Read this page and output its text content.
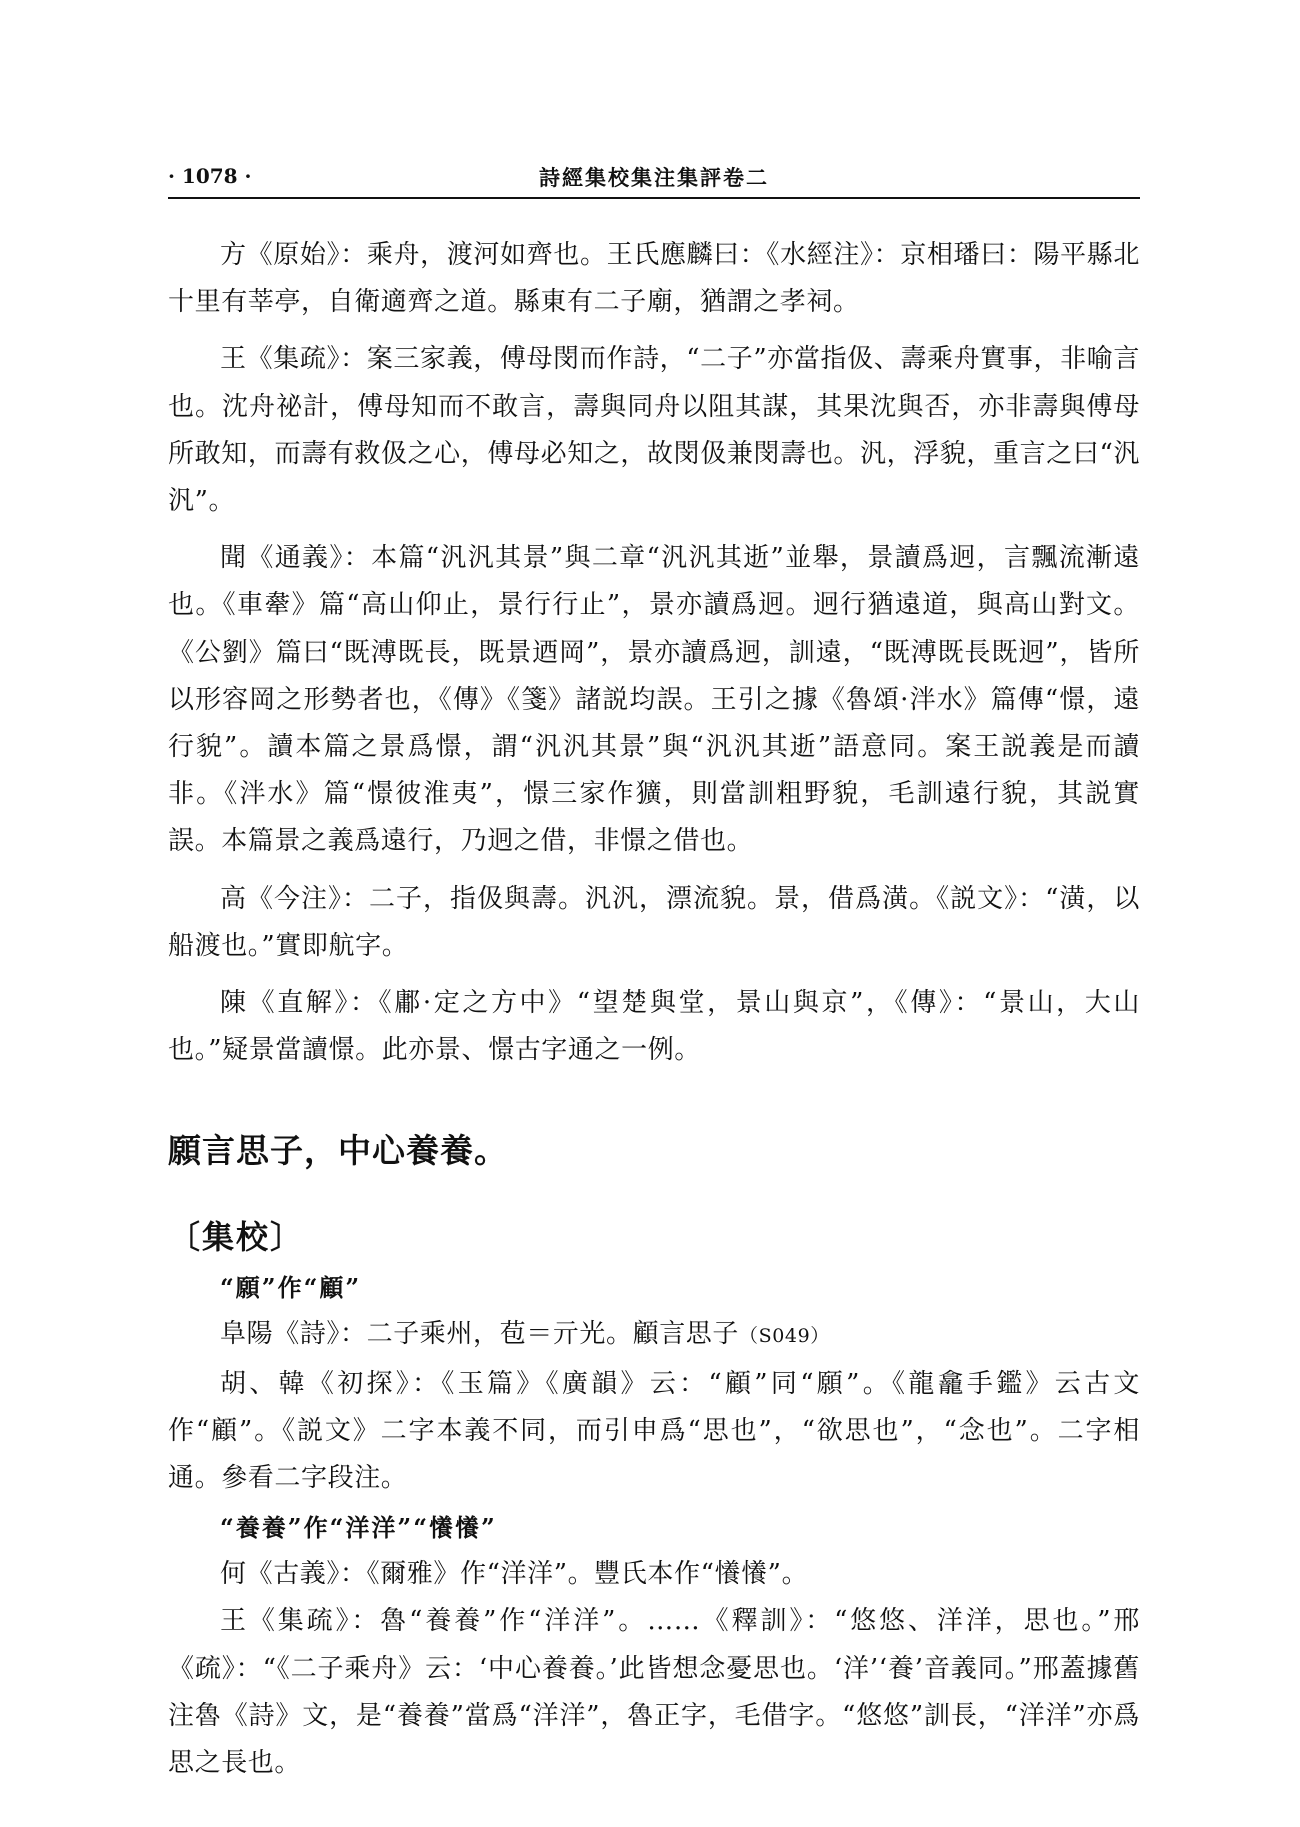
· 1078 ·	詩經集校集注集評卷二

方《原始》：乘舟，渡河如齊也。王氏應麟曰：《水經注》：京相璠曰：陽平縣北十里有莘亭，自衛適齊之道。縣東有二子廟，猶謂之孝祠。

王《集疏》：案三家義，傅母閔而作詩，“二子”亦當指伋、壽乘舟實事，非喻言也。沈舟祕計，傅母知而不敢言，壽與同舟以阻其謀，其果沈與否，亦非壽與傅母所敢知，而壽有救伋之心，傅母必知之，故閔伋兼閔壽也。汎，浮貌，重言之曰“汎汎”。

聞《通義》：本篇“汎汎其景”與二章“汎汎其逝”並舉，景讀爲迥，言飄流漸遠也。《車舝》篇“高山仰止，景行行止”，景亦讀爲迥。迥行猶遠道，與高山對文。《公劉》篇曰“既溥既長，既景迺岡”，景亦讀爲迥，訓遠，“既溥既長既迥”，皆所以形容岡之形勢者也，《傳》《箋》諸説均誤。王引之據《魯頌·泮水》篇傳“憬，遠行貌”。讀本篇之景爲憬，謂“汎汎其景”與“汎汎其逝”語意同。案王説義是而讀非。《泮水》篇“憬彼淮夷”，憬三家作獷，則當訓粗野貌，毛訓遠行貌，其説實誤。本篇景之義爲遠行，乃迥之借，非憬之借也。

高《今注》：二子，指伋與壽。汎汎，漂流貌。景，借爲潢。《説文》：“潢，以船渡也。”實即航字。

陳《直解》：《鄘·定之方中》“望楚與堂，景山與京”，《傳》：“景山，大山也。”疑景當讀憬。此亦景、憬古字通之一例。

願言思子，中心養養。
〔集校〕
“願”作“顧”

阜陽《詩》：二子乘州，苞＝亓光。顧言思子（S049）

胡、韓《初探》：《玉篇》《廣韻》云：“顧”同“願”。《龍龕手鑑》云古文作“顧”。《説文》二字本義不同，而引申爲“思也”，“欲思也”，“念也”。二字相通。參看二字段注。

“養養”作“洋洋”“懩懩”

何《古義》：《爾雅》作“洋洋”。豐氏本作“懩懩”。

王《集疏》：魯“養養”作“洋洋”。……《釋訓》：“悠悠、洋洋，思也。”邢《疏》：“《二子乘舟》云：‘中心養養。’此皆想念憂思也。‘洋’‘養’音義同。”邢蓋據舊注魯《詩》文，是“養養”當爲“洋洋”，魯正字，毛借字。“悠悠”訓長，“洋洋”亦爲思之長也。
